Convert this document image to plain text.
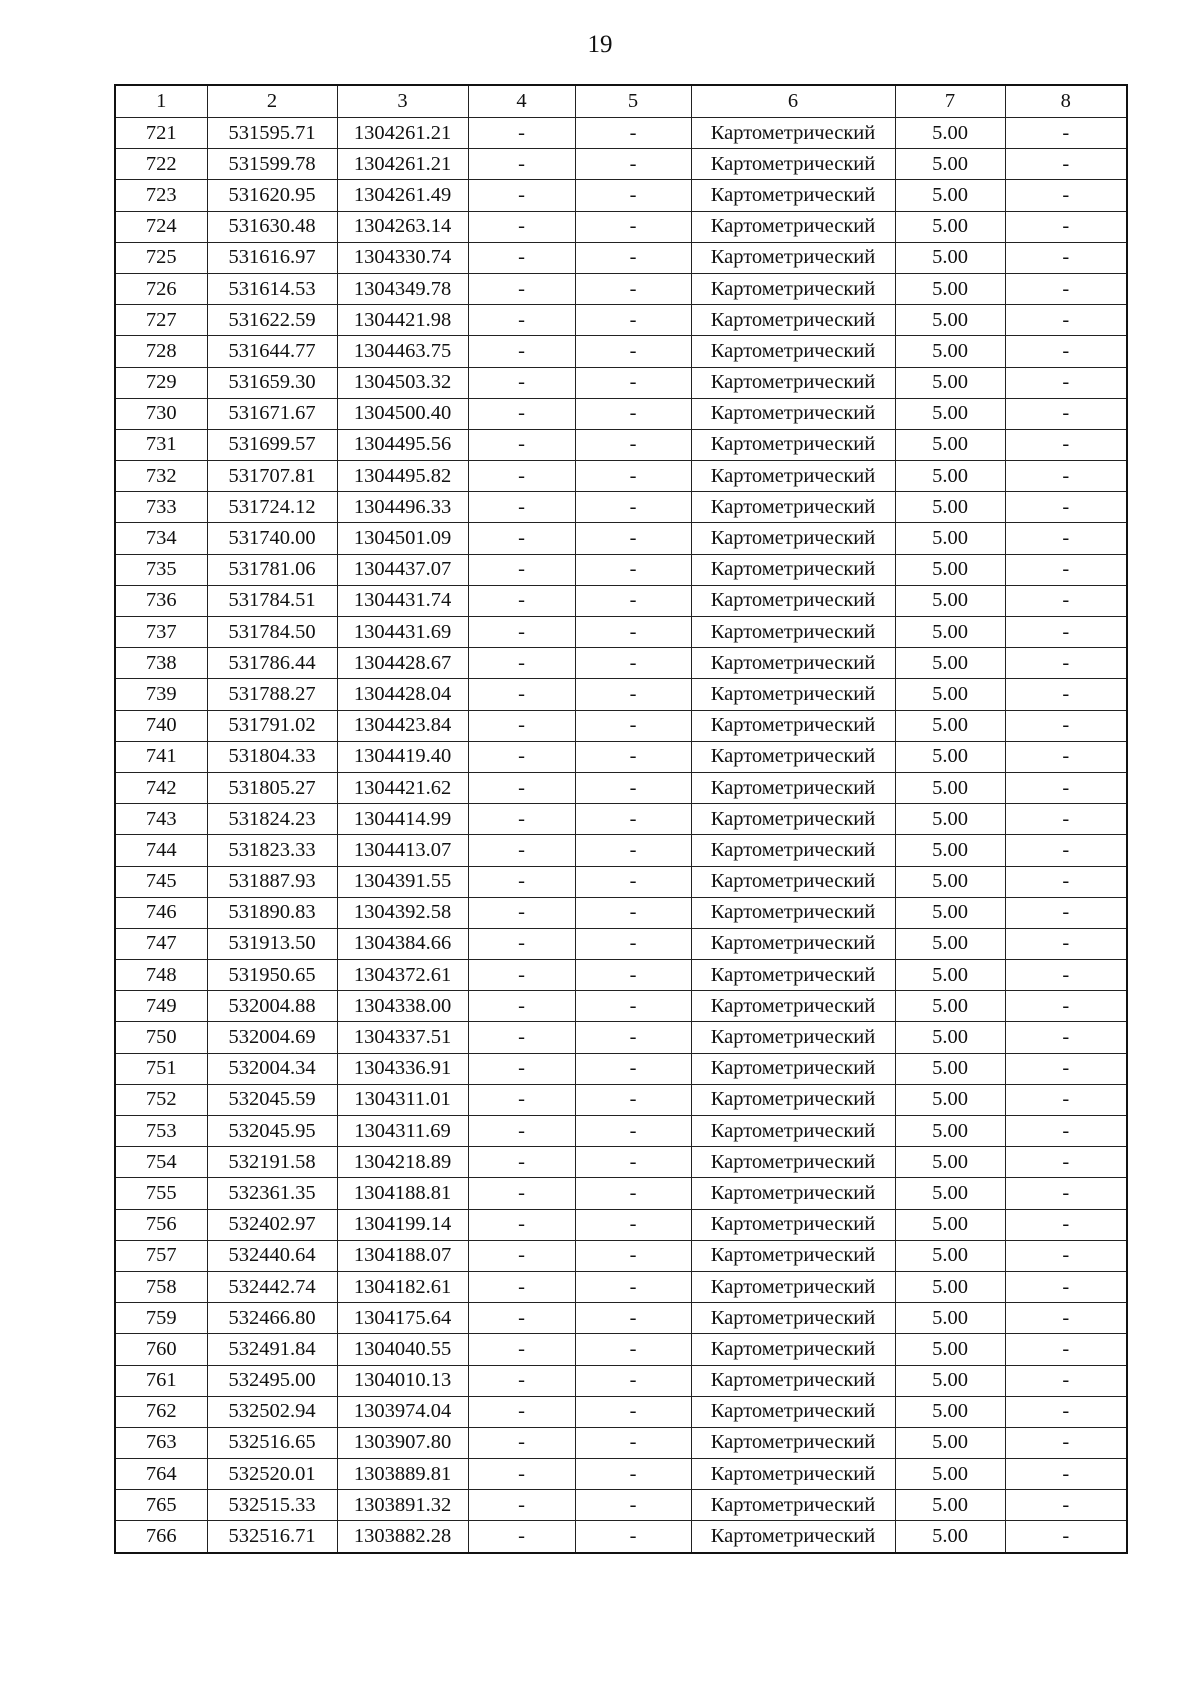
19
1	2	3	4	5	6	7	8
721	531595.71	1304261.21	-	-	Картометрический	5.00	-
722	531599.78	1304261.21	-	-	Картометрический	5.00	-
723	531620.95	1304261.49	-	-	Картометрический	5.00	-
724	531630.48	1304263.14	-	-	Картометрический	5.00	-
725	531616.97	1304330.74	-	-	Картометрический	5.00	-
726	531614.53	1304349.78	-	-	Картометрический	5.00	-
727	531622.59	1304421.98	-	-	Картометрический	5.00	-
728	531644.77	1304463.75	-	-	Картометрический	5.00	-
729	531659.30	1304503.32	-	-	Картометрический	5.00	-
730	531671.67	1304500.40	-	-	Картометрический	5.00	-
731	531699.57	1304495.56	-	-	Картометрический	5.00	-
732	531707.81	1304495.82	-	-	Картометрический	5.00	-
733	531724.12	1304496.33	-	-	Картометрический	5.00	-
734	531740.00	1304501.09	-	-	Картометрический	5.00	-
735	531781.06	1304437.07	-	-	Картометрический	5.00	-
736	531784.51	1304431.74	-	-	Картометрический	5.00	-
737	531784.50	1304431.69	-	-	Картометрический	5.00	-
738	531786.44	1304428.67	-	-	Картометрический	5.00	-
739	531788.27	1304428.04	-	-	Картометрический	5.00	-
740	531791.02	1304423.84	-	-	Картометрический	5.00	-
741	531804.33	1304419.40	-	-	Картометрический	5.00	-
742	531805.27	1304421.62	-	-	Картометрический	5.00	-
743	531824.23	1304414.99	-	-	Картометрический	5.00	-
744	531823.33	1304413.07	-	-	Картометрический	5.00	-
745	531887.93	1304391.55	-	-	Картометрический	5.00	-
746	531890.83	1304392.58	-	-	Картометрический	5.00	-
747	531913.50	1304384.66	-	-	Картометрический	5.00	-
748	531950.65	1304372.61	-	-	Картометрический	5.00	-
749	532004.88	1304338.00	-	-	Картометрический	5.00	-
750	532004.69	1304337.51	-	-	Картометрический	5.00	-
751	532004.34	1304336.91	-	-	Картометрический	5.00	-
752	532045.59	1304311.01	-	-	Картометрический	5.00	-
753	532045.95	1304311.69	-	-	Картометрический	5.00	-
754	532191.58	1304218.89	-	-	Картометрический	5.00	-
755	532361.35	1304188.81	-	-	Картометрический	5.00	-
756	532402.97	1304199.14	-	-	Картометрический	5.00	-
757	532440.64	1304188.07	-	-	Картометрический	5.00	-
758	532442.74	1304182.61	-	-	Картометрический	5.00	-
759	532466.80	1304175.64	-	-	Картометрический	5.00	-
760	532491.84	1304040.55	-	-	Картометрический	5.00	-
761	532495.00	1304010.13	-	-	Картометрический	5.00	-
762	532502.94	1303974.04	-	-	Картометрический	5.00	-
763	532516.65	1303907.80	-	-	Картометрический	5.00	-
764	532520.01	1303889.81	-	-	Картометрический	5.00	-
765	532515.33	1303891.32	-	-	Картометрический	5.00	-
766	532516.71	1303882.28	-	-	Картометрический	5.00	-
